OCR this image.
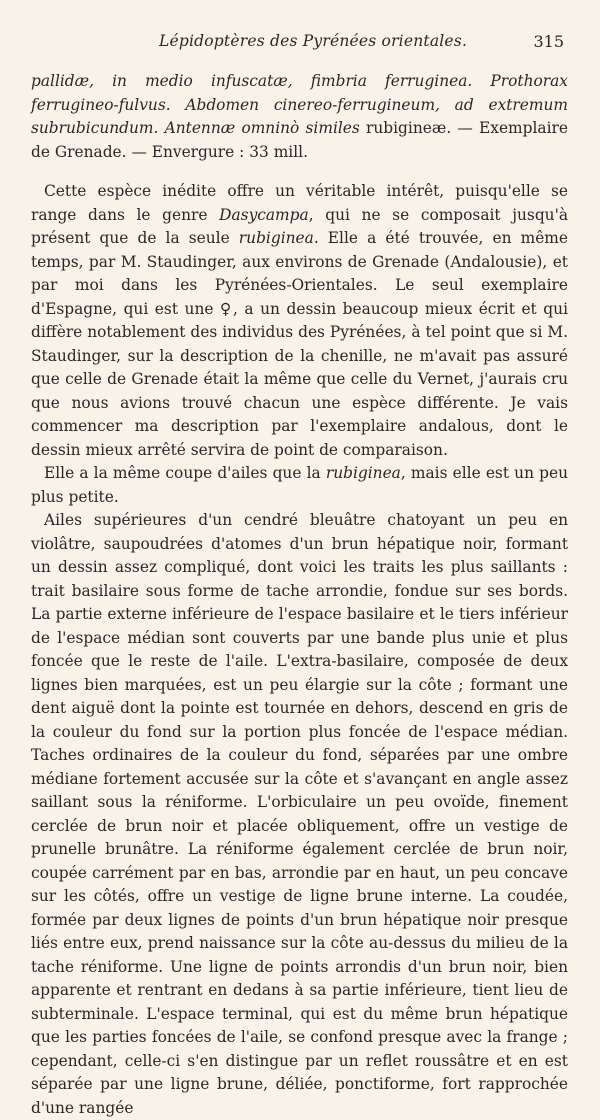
Lépidoptères des Pyrénées orientales.	315

pallidæ, in medio infuscatæ, fimbria ferruginea. Prothorax ferrugineo-fulvus. Abdomen cinereo-ferrugineum, ad extremum subrubicundum. Antennæ omninò similes rubigineæ. — Exemplaire de Grenade. — Envergure : 33 mill.

Cette espèce inédite offre un véritable intérêt, puisqu'elle se range dans le genre Dasycampa, qui ne se composait jusqu'à présent que de la seule rubiginea. Elle a été trouvée, en même temps, par M. Staudinger, aux environs de Grenade (Andalousie), et par moi dans les Pyrénées-Orientales. Le seul exemplaire d'Espagne, qui est une ♀, a un dessin beaucoup mieux écrit et qui diffère notablement des individus des Pyrénées, à tel point que si M. Staudinger, sur la description de la chenille, ne m'avait pas assuré que celle de Grenade était la même que celle du Vernet, j'aurais cru que nous avions trouvé chacun une espèce différente. Je vais commencer ma description par l'exemplaire andalous, dont le dessin mieux arrêté servira de point de comparaison.

Elle a la même coupe d'ailes que la rubiginea, mais elle est un peu plus petite.

Ailes supérieures d'un cendré bleuâtre chatoyant un peu en violâtre, saupoudrées d'atomes d'un brun hépatique noir, formant un dessin assez compliqué, dont voici les traits les plus saillants : trait basilaire sous forme de tache arrondie, fondue sur ses bords. La partie externe inférieure de l'espace basilaire et le tiers inférieur de l'espace médian sont couverts par une bande plus unie et plus foncée que le reste de l'aile. L'extra-basilaire, composée de deux lignes bien marquées, est un peu élargie sur la côte ; formant une dent aiguë dont la pointe est tournée en dehors, descend en gris de la couleur du fond sur la portion plus foncée de l'espace médian. Taches ordinaires de la couleur du fond, séparées par une ombre médiane fortement accusée sur la côte et s'avançant en angle assez saillant sous la réniforme. L'orbiculaire un peu ovoïde, finement cerclée de brun noir et placée obliquement, offre un vestige de prunelle brunâtre. La réniforme également cerclée de brun noir, coupée carrément par en bas, arrondie par en haut, un peu concave sur les côtés, offre un vestige de ligne brune interne. La coudée, formée par deux lignes de points d'un brun hépatique noir presque liés entre eux, prend naissance sur la côte au-dessus du milieu de la tache réniforme. Une ligne de points arrondis d'un brun noir, bien apparente et rentrant en dedans à sa partie inférieure, tient lieu de subterminale. L'espace terminal, qui est du même brun hépatique que les parties foncées de l'aile, se confond presque avec la frange ; cependant, celle-ci s'en distingue par un reflet roussâtre et en est séparée par une ligne brune, déliée, ponctiforme, fort rapprochée d'une rangée
